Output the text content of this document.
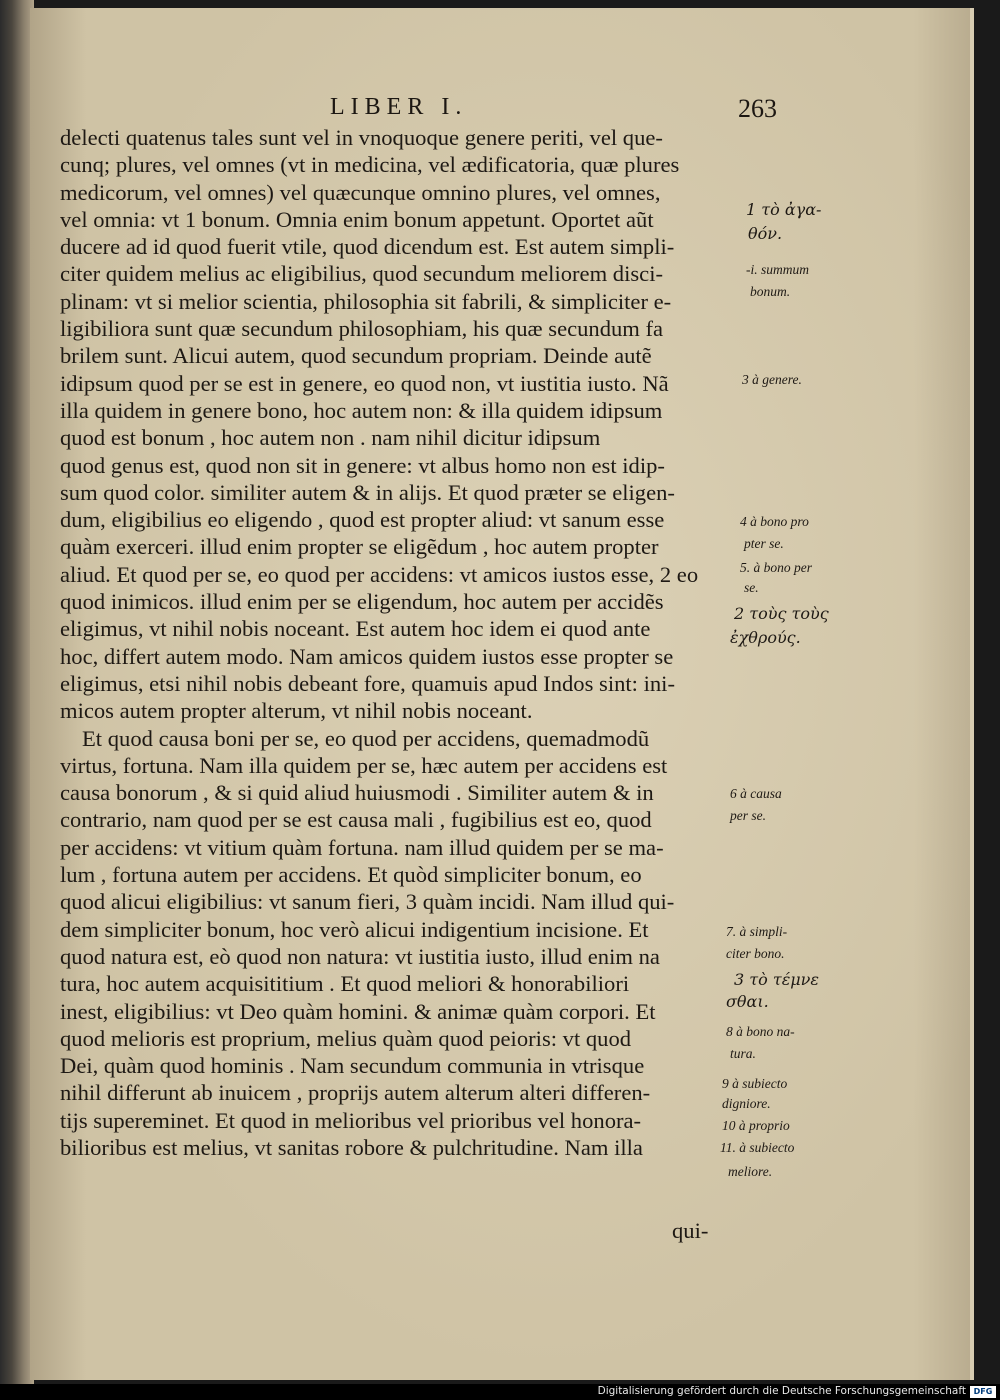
LIBER I.	263
delecti quatenus tales sunt vel in vnoquoque genere periti, vel que-
cunq; plures, vel omnes (vt in medicina, vel ædificatoria, quæ plures
medicorum, vel omnes) vel quæcunque omnino plures, vel omnes,
vel omnia: vt 1 bonum. Omnia enim bonum appetunt. Oportet aũt
ducere ad id quod fuerit vtile, quod dicendum est. Est autem simpli-
citer quidem melius ac eligibilius, quod secundum meliorem disci-
plinam: vt si melior scientia, philosophia sit fabrili, & simpliciter e-
ligibiliora sunt quæ secundum philosophiam, his quæ secundum fa
brilem sunt. Alicui autem, quod secundum propriam. Deinde autẽ
idipsum quod per se est in genere, eo quod non, vt iustitia iusto. Nã
illa quidem in genere bono, hoc autem non: & illa quidem idipsum
quod est bonum , hoc autem non . nam nihil dicitur idipsum
quod genus est, quod non sit in genere: vt albus homo non est idip-
sum quod color. similiter autem & in alijs. Et quod præter se eligen-
dum, eligibilius eo eligendo , quod est propter aliud: vt sanum esse
quàm exerceri. illud enim propter se eligẽdum , hoc autem propter
aliud. Et quod per se, eo quod per accidens: vt amicos iustos esse, 2 eo
quod inimicos. illud enim per se eligendum, hoc autem per accidẽs
eligimus, vt nihil nobis noceant. Est autem hoc idem ei quod ante
hoc, differt autem modo. Nam amicos quidem iustos esse propter se
eligimus, etsi nihil nobis debeant fore, quamuis apud Indos sint: ini-
micos autem propter alterum, vt nihil nobis noceant.
Et quod causa boni per se, eo quod per accidens, quemadmodũ
virtus, fortuna. Nam illa quidem per se, hæc autem per accidens est
causa bonorum , & si quid aliud huiusmodi . Similiter autem & in
contrario, nam quod per se est causa mali , fugibilius est eo, quod
per accidens: vt vitium quàm fortuna. nam illud quidem per se ma-
lum , fortuna autem per accidens. Et quòd simpliciter bonum, eo
quod alicui eligibilius: vt sanum fieri, 3 quàm incidi. Nam illud qui-
dem simpliciter bonum, hoc verò alicui indigentium incisione. Et
quod natura est, eò quod non natura: vt iustitia iusto, illud enim na
tura, hoc autem acquisititium . Et quod meliori & honorabiliori
inest, eligibilius: vt Deo quàm homini. & animæ quàm corpori. Et
quod melioris est proprium, melius quàm quod peioris: vt quod
Dei, quàm quod hominis . Nam secundum communia in vtrisque
nihil differunt ab inuicem , proprijs autem alterum alteri differen-
tijs supereminet. Et quod in melioribus vel prioribus vel honora-
bilioribus est melius, vt sanitas robore & pulchritudine. Nam illa
1 τὸ ἀγα-
θόν.
-i. summum
bonum.
3 à genere.
4 à bono pro
pter se.
5. à bono per
se.
2 τοὺς τοὺς
ἐχθρούς.
6 à causa
per se.
7. à simpli-
citer bono.
3 τὸ τέμνε
σθαι.
8 à bono na-
tura.
9 à subiecto
digniore.
10 à proprio
11. à subiecto
meliore.
qui-
Digitalisierung gefördert durch die Deutsche Forschungsgemeinschaft DFG
